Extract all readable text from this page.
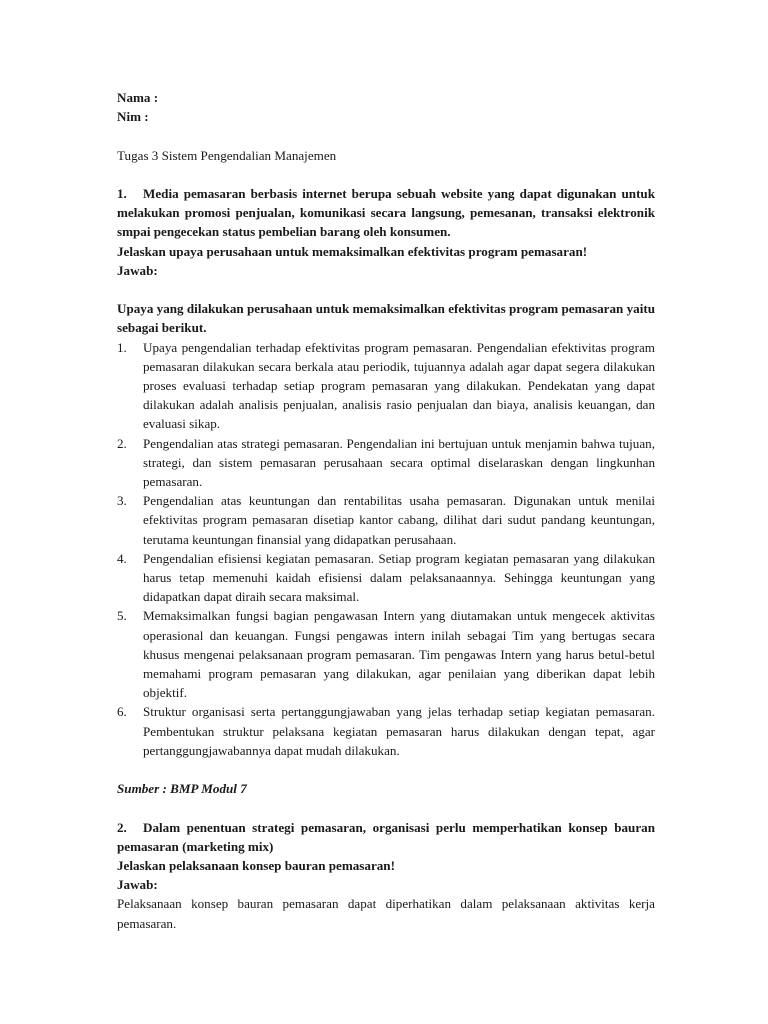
Nama :

Nim :

Tugas 3 Sistem Pengendalian Manajemen

1. Media pemasaran berbasis internet berupa sebuah website yang dapat digunakan untuk melakukan promosi penjualan, komunikasi secara langsung, pemesanan, transaksi elektronik smpai pengecekan status pembelian barang oleh konsumen.

Jelaskan upaya perusahaan untuk memaksimalkan efektivitas program pemasaran!

Jawab:

Upaya yang dilakukan perusahaan untuk memaksimalkan efektivitas program pemasaran yaitu sebagai berikut.

1. Upaya pengendalian terhadap efektivitas program pemasaran. Pengendalian efektivitas program pemasaran dilakukan secara berkala atau periodik, tujuannya adalah agar dapat segera dilakukan proses evaluasi terhadap setiap program pemasaran yang dilakukan. Pendekatan yang dapat dilakukan adalah analisis penjualan, analisis rasio penjualan dan biaya, analisis keuangan, dan evaluasi sikap.
2. Pengendalian atas strategi pemasaran. Pengendalian ini bertujuan untuk menjamin bahwa tujuan, strategi, dan sistem pemasaran perusahaan secara optimal diselaraskan dengan lingkunhan pemasaran.
3. Pengendalian atas keuntungan dan rentabilitas usaha pemasaran. Digunakan untuk menilai efektivitas program pemasaran disetiap kantor cabang, dilihat dari sudut pandang keuntungan, terutama keuntungan finansial yang didapatkan perusahaan.
4. Pengendalian efisiensi kegiatan pemasaran. Setiap program kegiatan pemasaran yang dilakukan harus tetap memenuhi kaidah efisiensi dalam pelaksanaannya. Sehingga keuntungan yang didapatkan dapat diraih secara maksimal.
5. Memaksimalkan fungsi bagian pengawasan Intern yang diutamakan untuk mengecek aktivitas operasional dan keuangan. Fungsi pengawas intern inilah sebagai Tim yang bertugas secara khusus mengenai pelaksanaan program pemasaran. Tim pengawas Intern yang harus betul-betul memahami program pemasaran yang dilakukan, agar penilaian yang diberikan dapat lebih objektif.
6. Struktur organisasi serta pertanggungjawaban yang jelas terhadap setiap kegiatan pemasaran. Pembentukan struktur pelaksana kegiatan pemasaran harus dilakukan dengan tepat, agar pertanggungjawabannya dapat mudah dilakukan.

Sumber : BMP Modul 7

2. Dalam penentuan strategi pemasaran, organisasi perlu memperhatikan konsep bauran pemasaran (marketing mix)

Jelaskan pelaksanaan konsep bauran pemasaran!

Jawab:

Pelaksanaan konsep bauran pemasaran dapat diperhatikan dalam pelaksanaan aktivitas kerja pemasaran.
